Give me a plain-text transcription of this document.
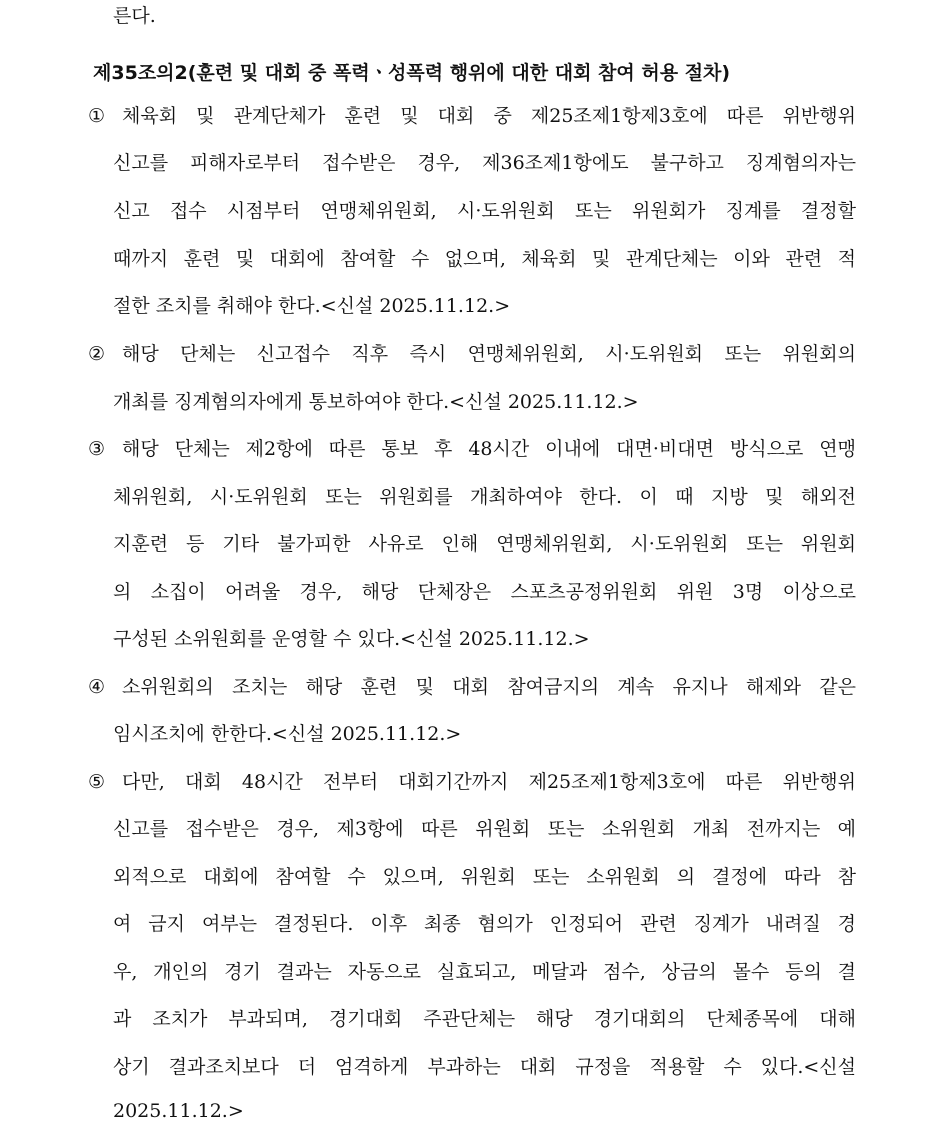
른다.
제35조의2(훈련 및 대회 중 폭력ㆍ성폭력 행위에 대한 대회 참여 허용 절차)
① 체육회 및 관계단체가 훈련 및 대회 중 제25조제1항제3호에 따른 위반행위
신고를 피해자로부터 접수받은 경우, 제36조제1항에도 불구하고 징계혐의자는
신고 접수 시점부터 연맹체위원회, 시·도위원회 또는 위원회가 징계를 결정할
때까지 훈련 및 대회에 참여할 수 없으며, 체육회 및 관계단체는 이와 관련 적
절한 조치를 취해야 한다.<신설 2025.11.12.>
② 해당 단체는 신고접수 직후 즉시 연맹체위원회, 시·도위원회 또는 위원회의
개최를 징계혐의자에게 통보하여야 한다.<신설 2025.11.12.>
③ 해당 단체는 제2항에 따른 통보 후 48시간 이내에 대면·비대면 방식으로 연맹
체위원회, 시·도위원회 또는 위원회를 개최하여야 한다. 이 때 지방 및 해외전
지훈련 등 기타 불가피한 사유로 인해 연맹체위원회, 시·도위원회 또는 위원회
의 소집이 어려울 경우, 해당 단체장은 스포츠공정위원회 위원 3명 이상으로
구성된 소위원회를 운영할 수 있다.<신설 2025.11.12.>
④ 소위원회의 조치는 해당 훈련 및 대회 참여금지의 계속 유지나 해제와 같은
임시조치에 한한다.<신설 2025.11.12.>
⑤ 다만, 대회 48시간 전부터 대회기간까지 제25조제1항제3호에 따른 위반행위
신고를 접수받은 경우, 제3항에 따른 위원회 또는 소위원회 개최 전까지는 예
외적으로 대회에 참여할 수 있으며, 위원회 또는 소위원회 의 결정에 따라 참
여 금지 여부는 결정된다. 이후 최종 혐의가 인정되어 관련 징계가 내려질 경
우, 개인의 경기 결과는 자동으로 실효되고, 메달과 점수, 상금의 몰수 등의 결
과 조치가 부과되며, 경기대회 주관단체는 해당 경기대회의 단체종목에 대해
상기 결과조치보다 더 엄격하게 부과하는 대회 규정을 적용할 수 있다.<신설
2025.11.12.>
